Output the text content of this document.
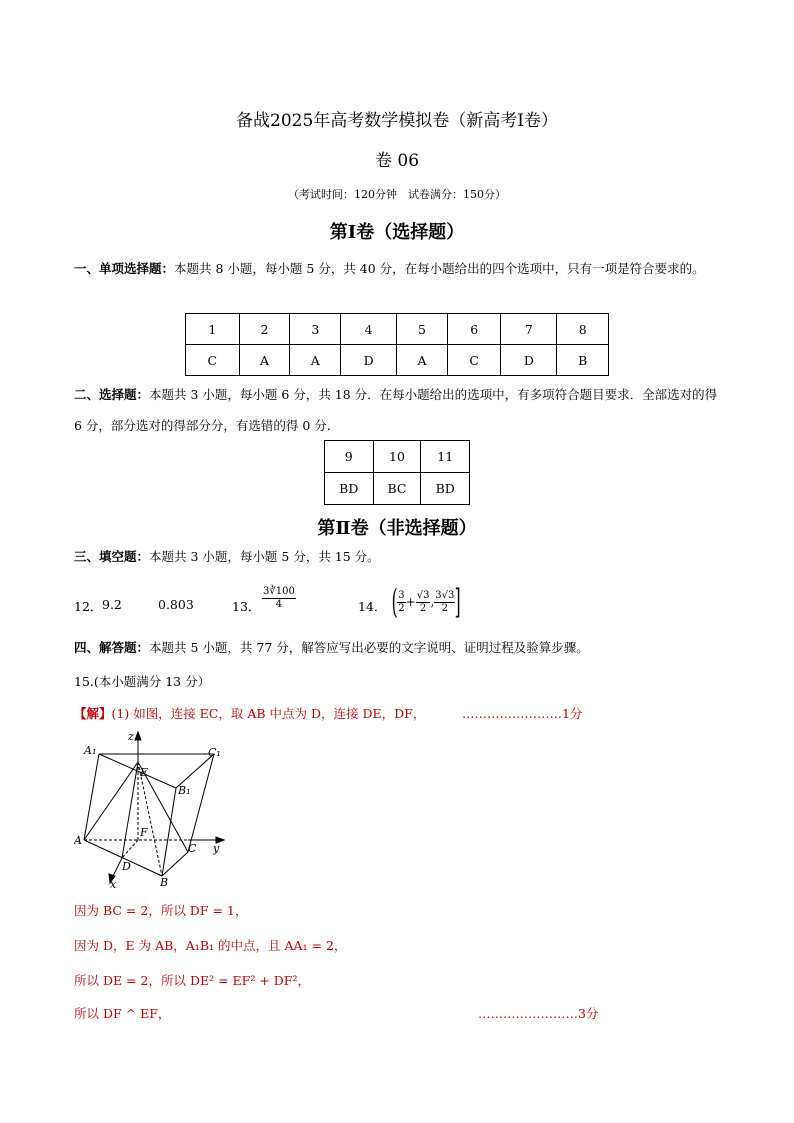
备战2025年高考数学模拟卷（新高考Ⅰ卷）
卷 06
（考试时间：120分钟　试卷满分：150分）
第Ⅰ卷（选择题）
一、单项选择题：本题共 8 小题，每小题 5 分，共 40 分，在每小题给出的四个选项中，只有一项是符合要求的。
1	2	3	4	5	6	7	8
C	A	A	D	A	C	D	B
二、选择题：本题共 3 小题，每小题 6 分，共 18 分．在每小题给出的选项中，有多项符合题目要求．全部选对的得 6 分，部分选对的得部分分，有选错的得 0 分．
9	10	11
BD	BC	BD
第Ⅱ卷（非选择题）
三、填空题：本题共 3 小题，每小题 5 分，共 15 分。
12． 9.2	0.803	13． $\frac{3∛100}{4}$	14． ( $\frac{3}{2} + \frac{√3}{2}$ , $\frac{3√3}{2}$ ]
四、解答题：本题共 5 小题，共 77 分，解答应写出必要的文字说明、证明过程及验算步骤。
15.(本小题满分 13 分）
【解】(1) 如图，连接 EC，取 AB 中点为 D，连接 DE，DF，	……………………1分
z
A₁	C₁
E
B₁
F
A
C y
D
B
x
因为 BC = 2，所以 DF = 1，
因为 D，E 为 AB，A₁B₁ 的中点，且 AA₁ = 2，
所以 DE = 2，所以 DE² = EF² + DF²，
所以 DF ^ EF，	……………………3分
